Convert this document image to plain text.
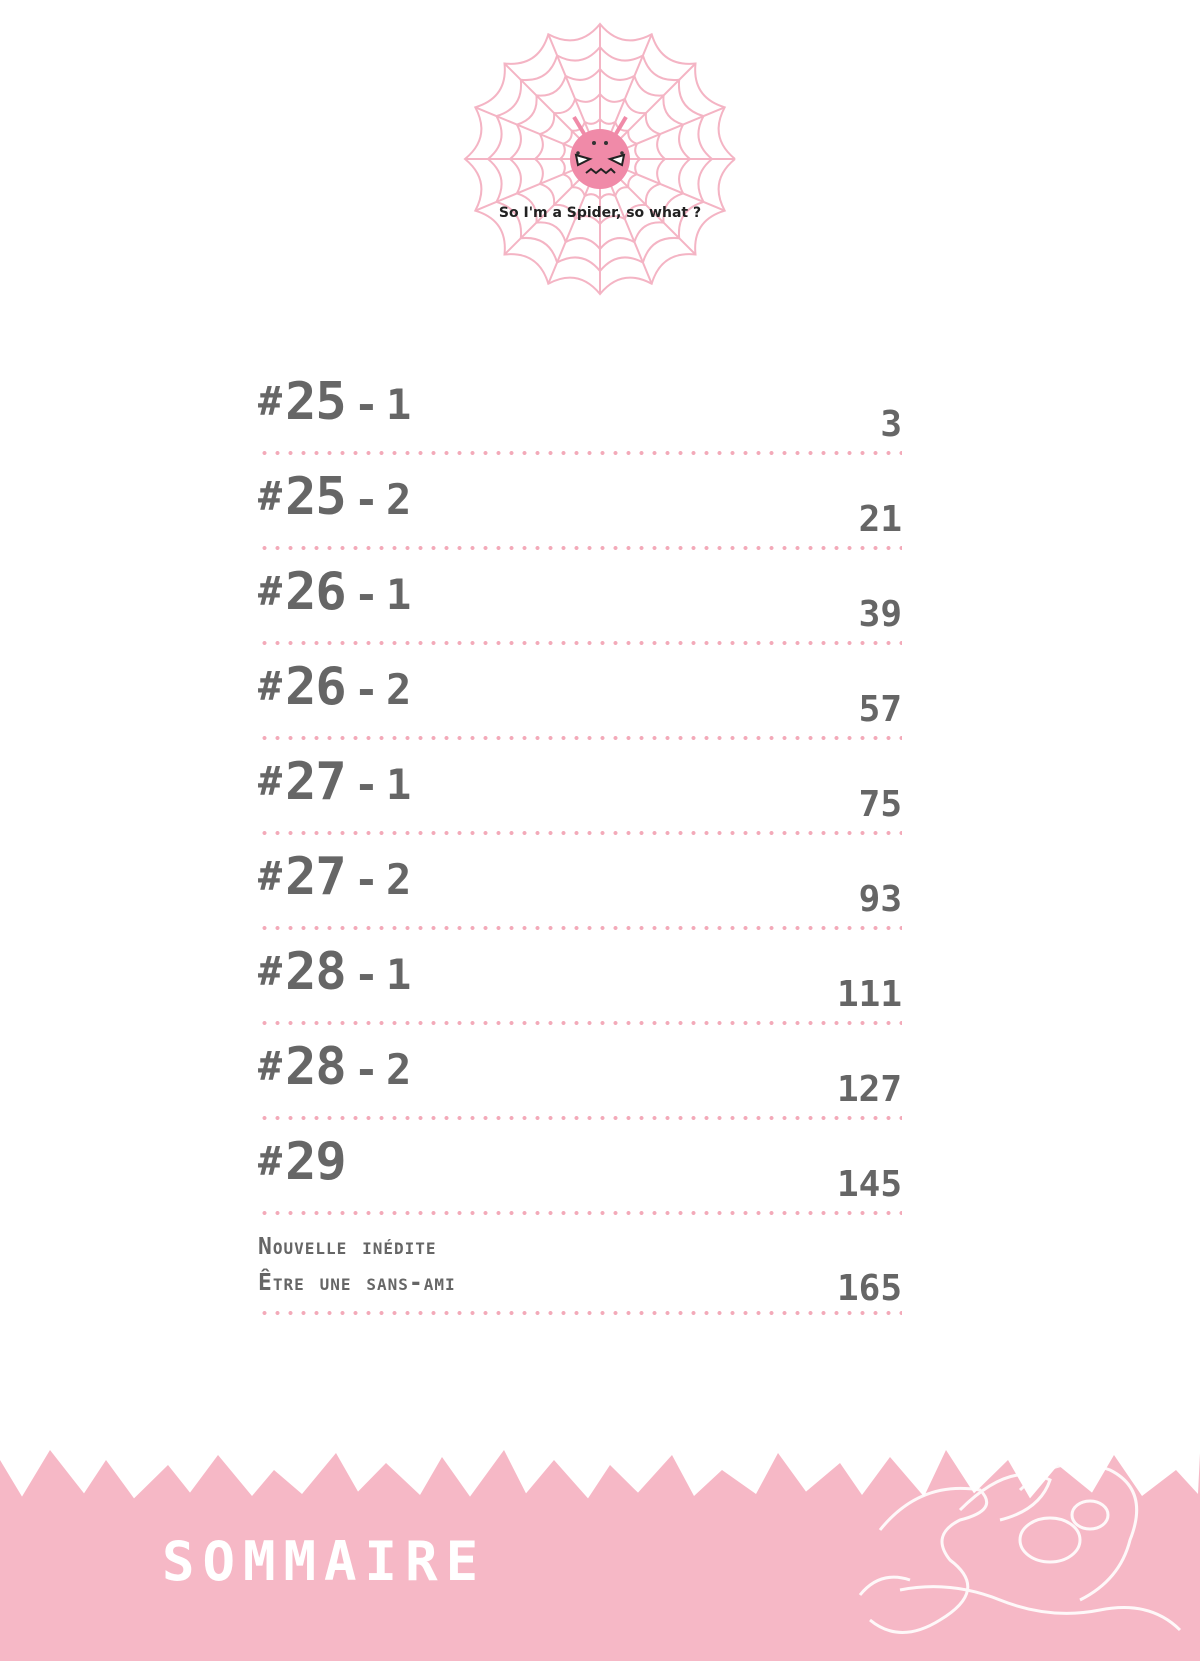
So I'm a Spider, so what ?
#25 - 1	3
#25 - 2	21
#26 - 1	39
#26 - 2	57
#27 - 1	75
#27 - 2	93
#28 - 1	111
#28 - 2	127
#29	145
Nouvelle inédite
Être une sans-ami	165
SOMMAIRE
